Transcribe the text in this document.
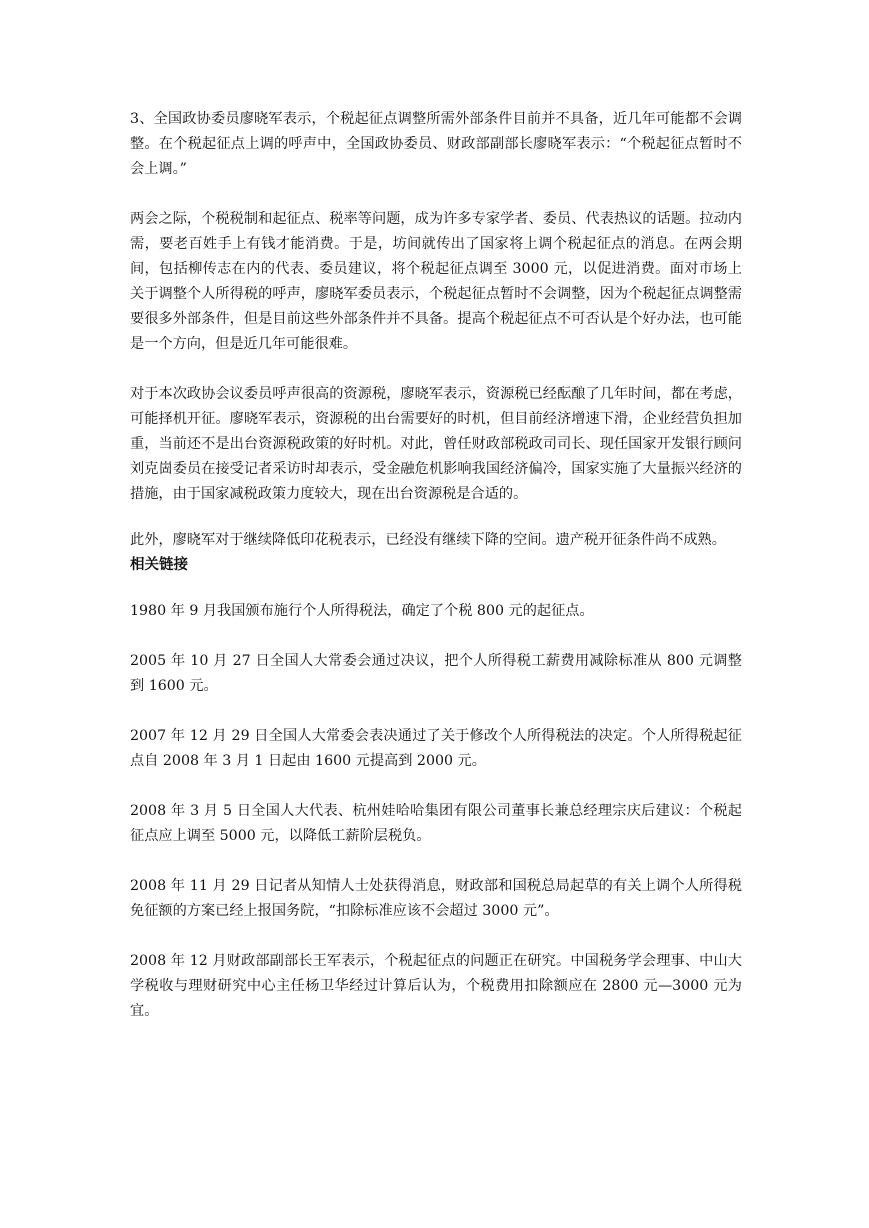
3、全国政协委员廖晓军表示，个税起征点调整所需外部条件目前并不具备，近几年可能都不会调整。在个税起征点上调的呼声中，全国政协委员、财政部副部长廖晓军表示：“个税起征点暂时不会上调。”

两会之际，个税税制和起征点、税率等问题，成为许多专家学者、委员、代表热议的话题。拉动内需，要老百姓手上有钱才能消费。于是，坊间就传出了国家将上调个税起征点的消息。在两会期间，包括柳传志在内的代表、委员建议，将个税起征点调至 3000 元，以促进消费。面对市场上关于调整个人所得税的呼声，廖晓军委员表示，个税起征点暂时不会调整，因为个税起征点调整需要很多外部条件，但是目前这些外部条件并不具备。提高个税起征点不可否认是个好办法，也可能是一个方向，但是近几年可能很难。

对于本次政协会议委员呼声很高的资源税，廖晓军表示，资源税已经酝酿了几年时间，都在考虑，可能择机开征。廖晓军表示，资源税的出台需要好的时机，但目前经济增速下滑，企业经营负担加重，当前还不是出台资源税政策的好时机。对此，曾任财政部税政司司长、现任国家开发银行顾问刘克崮委员在接受记者采访时却表示，受金融危机影响我国经济偏冷，国家实施了大量振兴经济的措施，由于国家减税政策力度较大，现在出台资源税是合适的。

此外，廖晓军对于继续降低印花税表示，已经没有继续下降的空间。遗产税开征条件尚不成熟。

相关链接

1980 年 9 月我国颁布施行个人所得税法，确定了个税 800 元的起征点。

2005 年 10 月 27 日全国人大常委会通过决议，把个人所得税工薪费用减除标准从 800 元调整到 1600 元。

2007 年 12 月 29 日全国人大常委会表决通过了关于修改个人所得税法的决定。个人所得税起征点自 2008 年 3 月 1 日起由 1600 元提高到 2000 元。

2008 年 3 月 5 日全国人大代表、杭州娃哈哈集团有限公司董事长兼总经理宗庆后建议：个税起征点应上调至 5000 元，以降低工薪阶层税负。

2008 年 11 月 29 日记者从知情人士处获得消息，财政部和国税总局起草的有关上调个人所得税免征额的方案已经上报国务院，“扣除标准应该不会超过 3000 元”。

2008 年 12 月财政部副部长王军表示，个税起征点的问题正在研究。中国税务学会理事、中山大学税收与理财研究中心主任杨卫华经过计算后认为，个税费用扣除额应在 2800 元—3000 元为宜。
